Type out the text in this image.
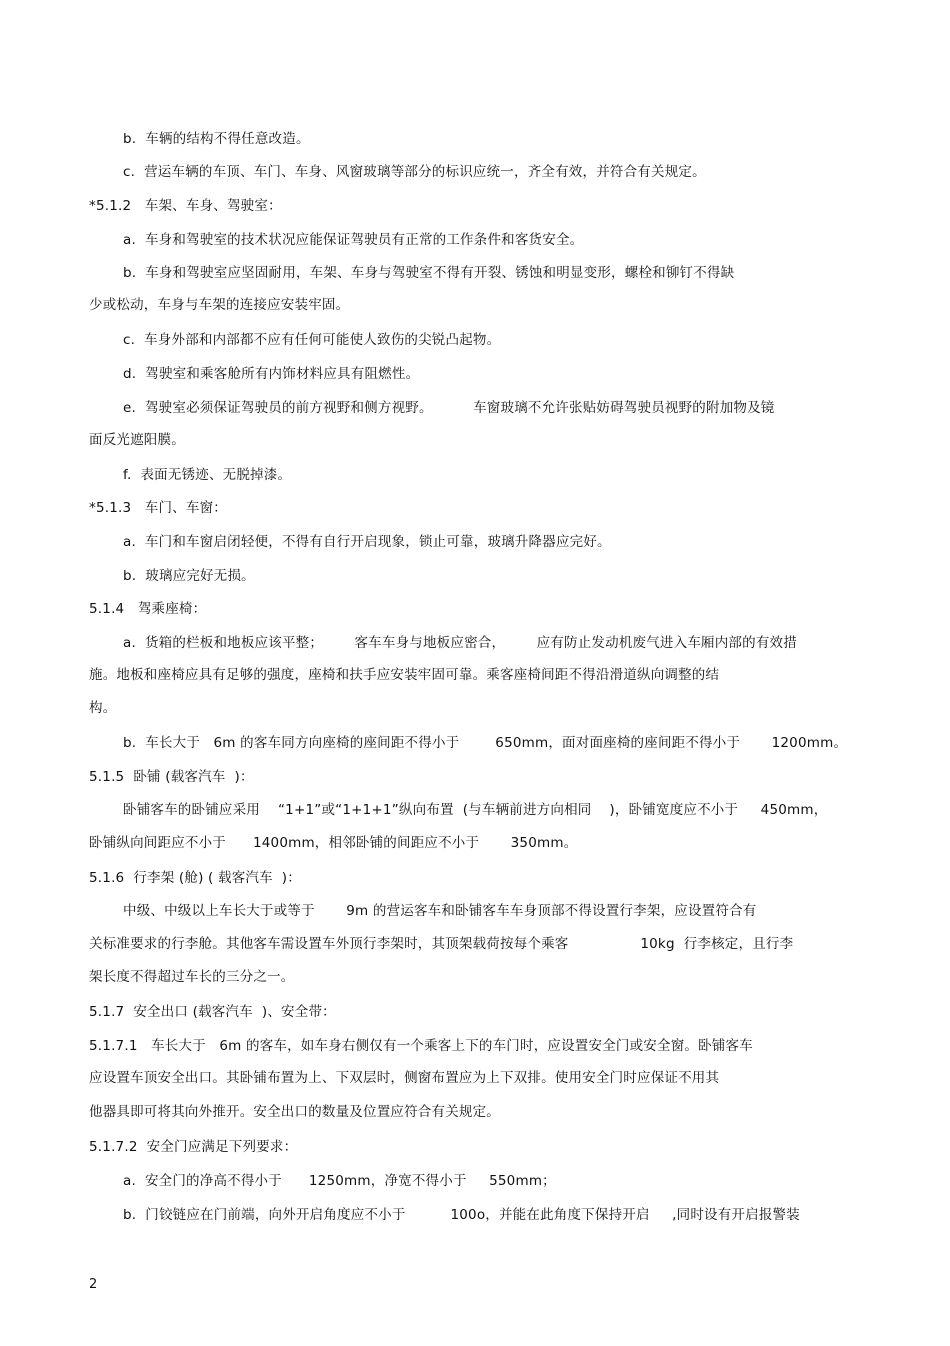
b.  车辆的结构不得任意改造。
c.  营运车辆的车顶、车门、车身、风窗玻璃等部分的标识应统一，齐全有效，并符合有关规定。
*5.1.2   车架、车身、驾驶室：
a.  车身和驾驶室的技术状况应能保证驾驶员有正常的工作条件和客货安全。
b.  车身和驾驶室应坚固耐用，车架、车身与驾驶室不得有开裂、锈蚀和明显变形，螺栓和铆钉不得缺
少或松动，车身与车架的连接应安装牢固。
c.  车身外部和内部都不应有任何可能使人致伤的尖锐凸起物。
d.  驾驶室和乘客舱所有内饰材料应具有阻燃性。
e.  驾驶室必须保证驾驶员的前方视野和侧方视野。         车窗玻璃不允许张贴妨碍驾驶员视野的附加物及镜
面反光遮阳膜。
f.  表面无锈迹、无脱掉漆。
*5.1.3   车门、车窗：
a.  车门和车窗启闭轻便，不得有自行开启现象，锁止可靠，玻璃升降器应完好。
b.  玻璃应完好无损。
5.1.4   驾乘座椅：
a.  货箱的栏板和地板应该平整；       客车车身与地板应密合，       应有防止发动机废气进入车厢内部的有效措
施。地板和座椅应具有足够的强度，座椅和扶手应安装牢固可靠。乘客座椅间距不得沿滑道纵向调整的结
构。
b.  车长大于   6m 的客车同方向座椅的座间距不得小于        650mm，面对面座椅的座间距不得小于       1200mm。
5.1.5  卧铺 (载客汽车  )：
卧铺客车的卧铺应采用    “1+1”或“1+1+1”纵向布置  (与车辆前进方向相同    )，卧铺宽度应不小于     450mm，
卧铺纵向间距应不小于      1400mm，相邻卧铺的间距应不小于       350mm。
5.1.6  行李架 (舱) ( 载客汽车  )：
中级、中级以上车长大于或等于       9m 的营运客车和卧铺客车车身顶部不得设置行李架，应设置符合有
关标准要求的行李舱。其他客车需设置车外顶行李架时，其顶架载荷按每个乘客                10kg  行李核定，且行李
架长度不得超过车长的三分之一。
5.1.7  安全出口 (载客汽车  )、安全带：
5.1.7.1   车长大于   6m 的客车，如车身右侧仅有一个乘客上下的车门时，应设置安全门或安全窗。卧铺客车
应设置车顶安全出口。其卧铺布置为上、下双层时，侧窗布置应为上下双排。使用安全门时应保证不用其
他器具即可将其向外推开。安全出口的数量及位置应符合有关规定。
5.1.7.2  安全门应满足下列要求：
a.  安全门的净高不得小于      1250mm，净宽不得小于     550mm；
b.  门铰链应在门前端，向外开启角度应不小于          100o，并能在此角度下保持开启     ,同时设有开启报警装
2
